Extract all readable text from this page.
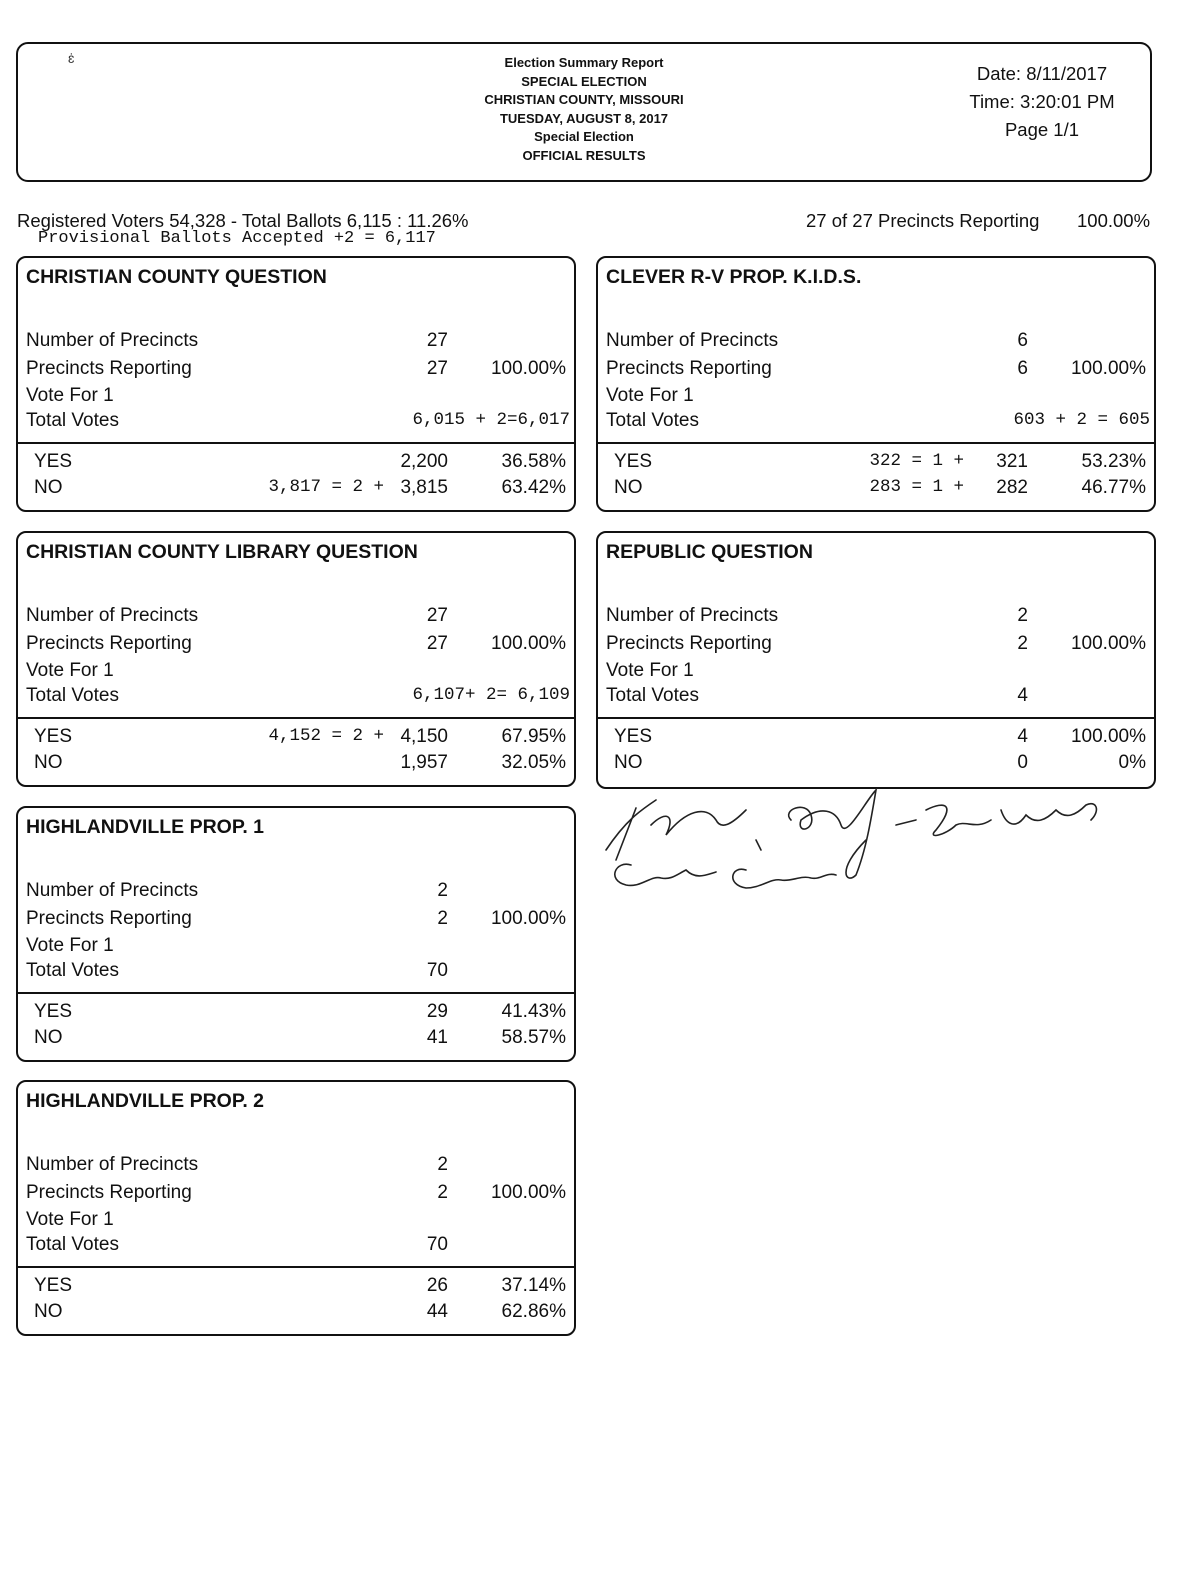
Election Summary Report
SPECIAL ELECTION
CHRISTIAN COUNTY, MISSOURI
TUESDAY, AUGUST 8, 2017
Special Election
OFFICIAL RESULTS
Date: 8/11/2017
Time: 3:20:01 PM
Page 1/1
Registered Voters 54,328 - Total Ballots 6,115 : 11.26%	27 of 27 Precincts Reporting 100.00%
Provisional Ballots Accepted +2 = 6,117
CHRISTIAN COUNTY QUESTION
Number of Precincts	27
Precincts Reporting	27 100.00%
Vote For 1
Total Votes	6,015 + 2=6,017
YES	2,200	36.58%
NO	3,817 = 2 + 3,815	63.42%
CLEVER R-V PROP. K.I.D.S.
Number of Precincts	6
Precincts Reporting	6 100.00%
Vote For 1
Total Votes	603 + 2 = 605
YES	322 = 1 + 321	53.23%
NO	283 = 1 + 282	46.77%
CHRISTIAN COUNTY LIBRARY QUESTION
Number of Precincts	27
Precincts Reporting	27 100.00%
Vote For 1
Total Votes	6,107+ 2= 6,109
YES	4,152 = 2 + 4,150	67.95%
NO	1,957	32.05%
REPUBLIC QUESTION
Number of Precincts	2
Precincts Reporting	2 100.00%
Vote For 1
Total Votes	4
YES	4 100.00%
NO	0	0%
HIGHLANDVILLE PROP. 1
Number of Precincts	2
Precincts Reporting	2 100.00%
Vote For 1
Total Votes	70
YES	29	41.43%
NO	41	58.57%
HIGHLANDVILLE PROP. 2
Number of Precincts	2
Precincts Reporting	2 100.00%
Vote For 1
Total Votes	70
YES	26	37.14%
NO	44	62.86%
ɛ̇
